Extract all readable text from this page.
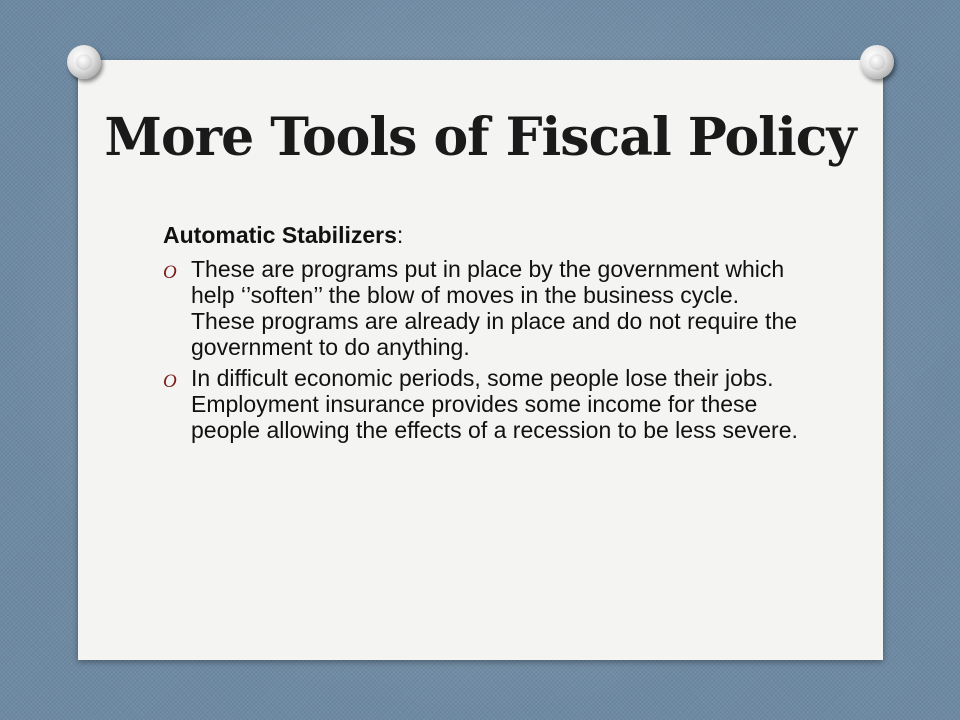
More Tools of Fiscal Policy

Automatic Stabilizers:

O These are programs put in place by the government which help ‘’soften’’ the blow of moves in the business cycle. These programs are already in place and do not require the government to do anything.
O In difficult economic periods, some people lose their jobs. Employment insurance provides some income for these people allowing the effects of a recession to be less severe.
